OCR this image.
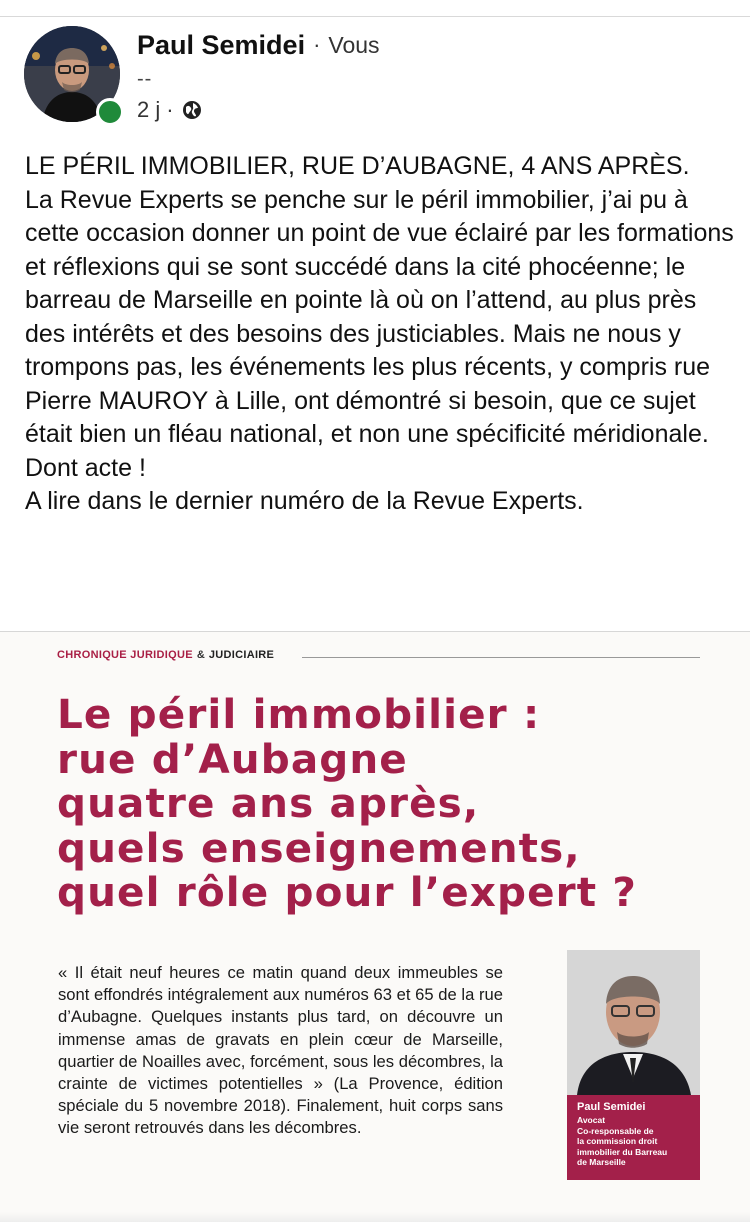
Paul Semidei · Vous
--
2 j ·

LE PÉRIL IMMOBILIER, RUE D’AUBAGNE, 4 ANS APRÈS.

La Revue Experts se penche sur le péril immobilier, j’ai pu à cette occasion donner un point de vue éclairé par les formations et réflexions qui se sont succédé dans la cité phocéenne; le barreau de Marseille en pointe là où on l’attend, au plus près des intérêts et des besoins des justiciables. Mais ne nous y trompons pas, les événements les plus récents, y compris rue Pierre MAUROY à Lille, ont démontré si besoin, que ce sujet était bien un fléau national, et non une spécificité méridionale.

Dont acte !

A lire dans le dernier numéro de la Revue Experts.

CHRONIQUE JURIDIQUE & JUDICIAIRE
Le péril immobilier :
rue d’Aubagne
quatre ans après,
quels enseignements,
quel rôle pour l’expert ?

« Il était neuf heures ce matin quand deux immeubles se sont effondrés intégralement aux numéros 63 et 65 de la rue d’Aubagne. Quelques instants plus tard, on découvre un immense amas de gravats en plein cœur de Marseille, quartier de Noailles avec, forcément, sous les décombres, la crainte de victimes potentielles » (La Provence, édition spéciale du 5 novembre 2018). Finalement, huit corps sans vie seront retrouvés dans les décombres.

Paul Semidei
Avocat
Co-responsable de
la commission droit
immobilier du Barreau
de Marseille
